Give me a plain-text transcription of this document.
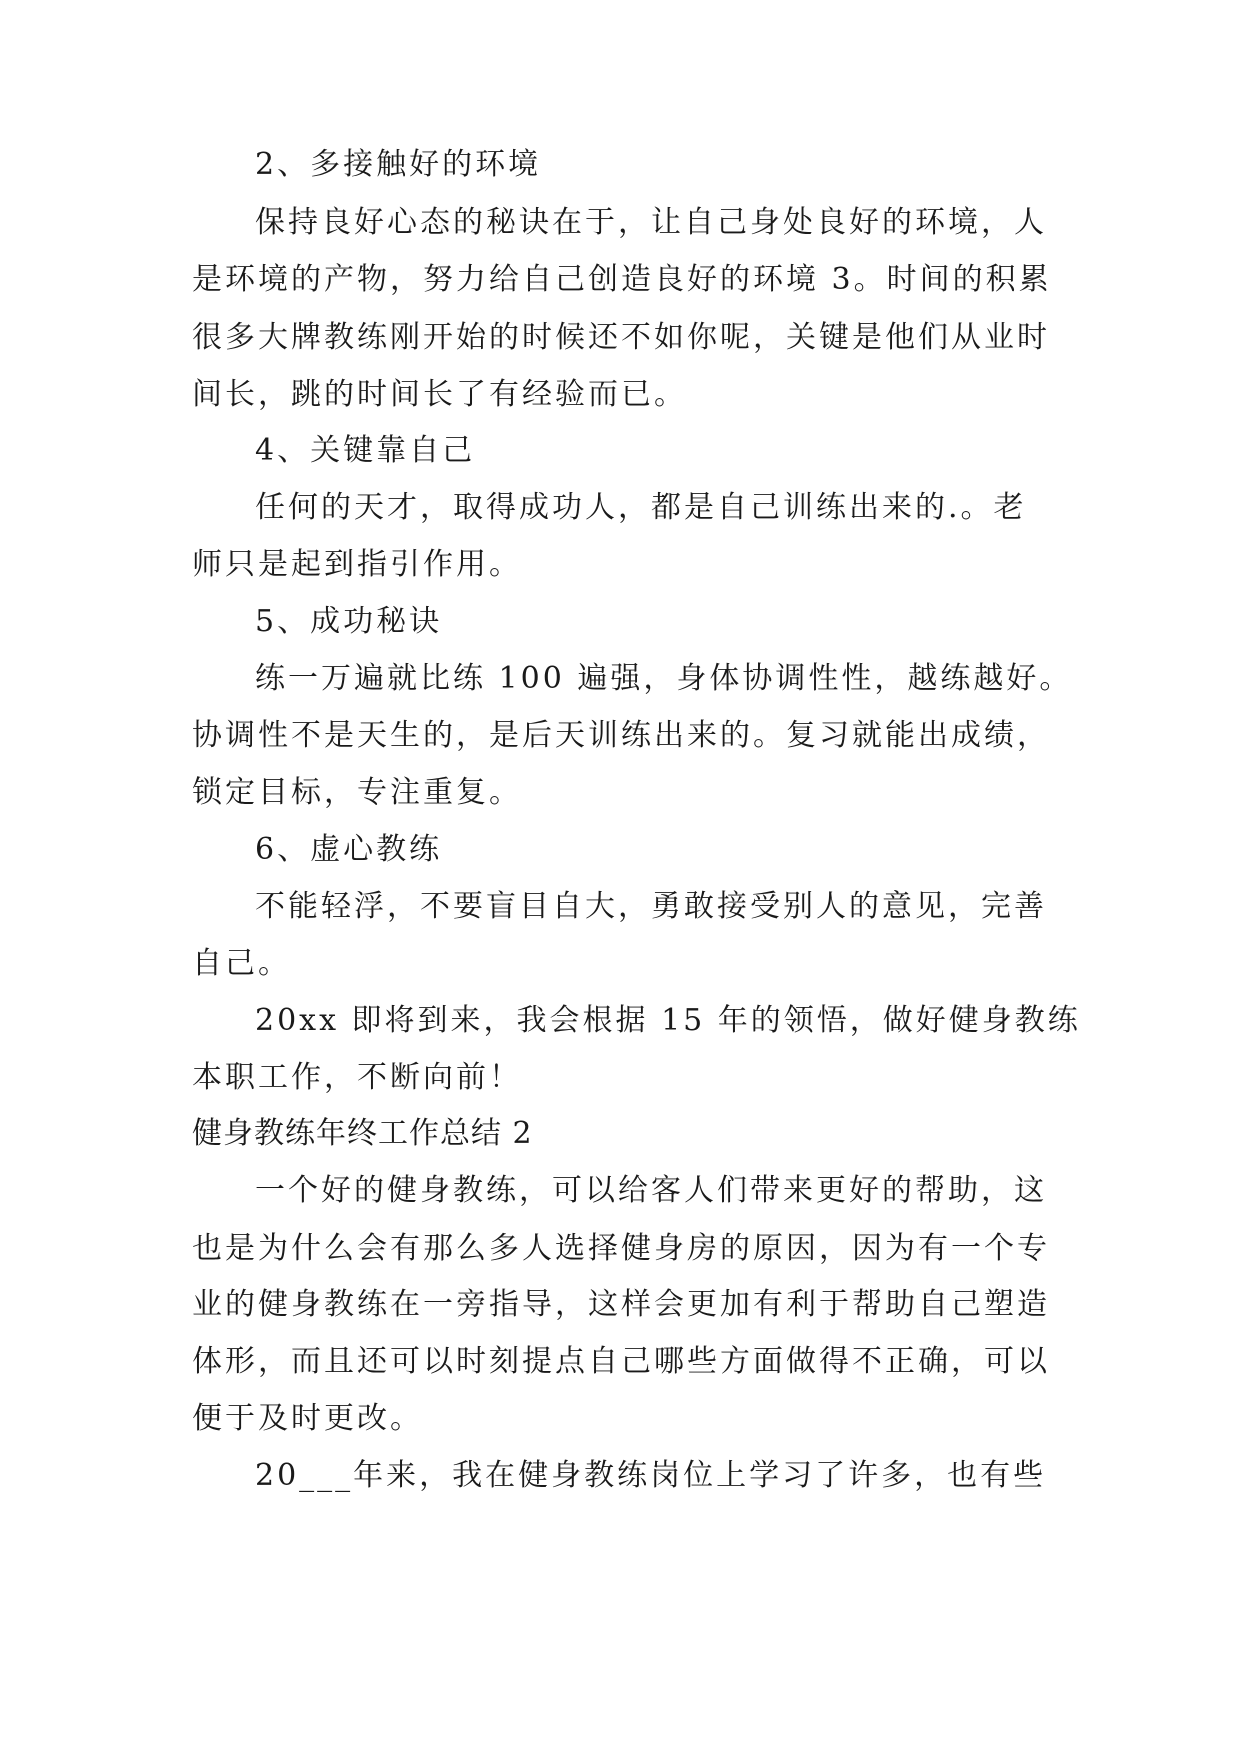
2、多接触好的环境
保持良好心态的秘诀在于，让自己身处良好的环境，人
是环境的产物，努力给自己创造良好的环境 3。时间的积累
很多大牌教练刚开始的时候还不如你呢，关键是他们从业时
间长，跳的时间长了有经验而已。
4、关键靠自己
任何的天才，取得成功人，都是自己训练出来的.。老
师只是起到指引作用。
5、成功秘诀
练一万遍就比练 100 遍强，身体协调性性，越练越好。
协调性不是天生的，是后天训练出来的。复习就能出成绩，
锁定目标，专注重复。
6、虚心教练
不能轻浮，不要盲目自大，勇敢接受别人的意见，完善
自己。
20xx 即将到来，我会根据 15 年的领悟，做好健身教练
本职工作，不断向前！
健身教练年终工作总结 2
一个好的健身教练，可以给客人们带来更好的帮助，这
也是为什么会有那么多人选择健身房的原因，因为有一个专
业的健身教练在一旁指导，这样会更加有利于帮助自己塑造
体形，而且还可以时刻提点自己哪些方面做得不正确，可以
便于及时更改。
20___年来，我在健身教练岗位上学习了许多，也有些
